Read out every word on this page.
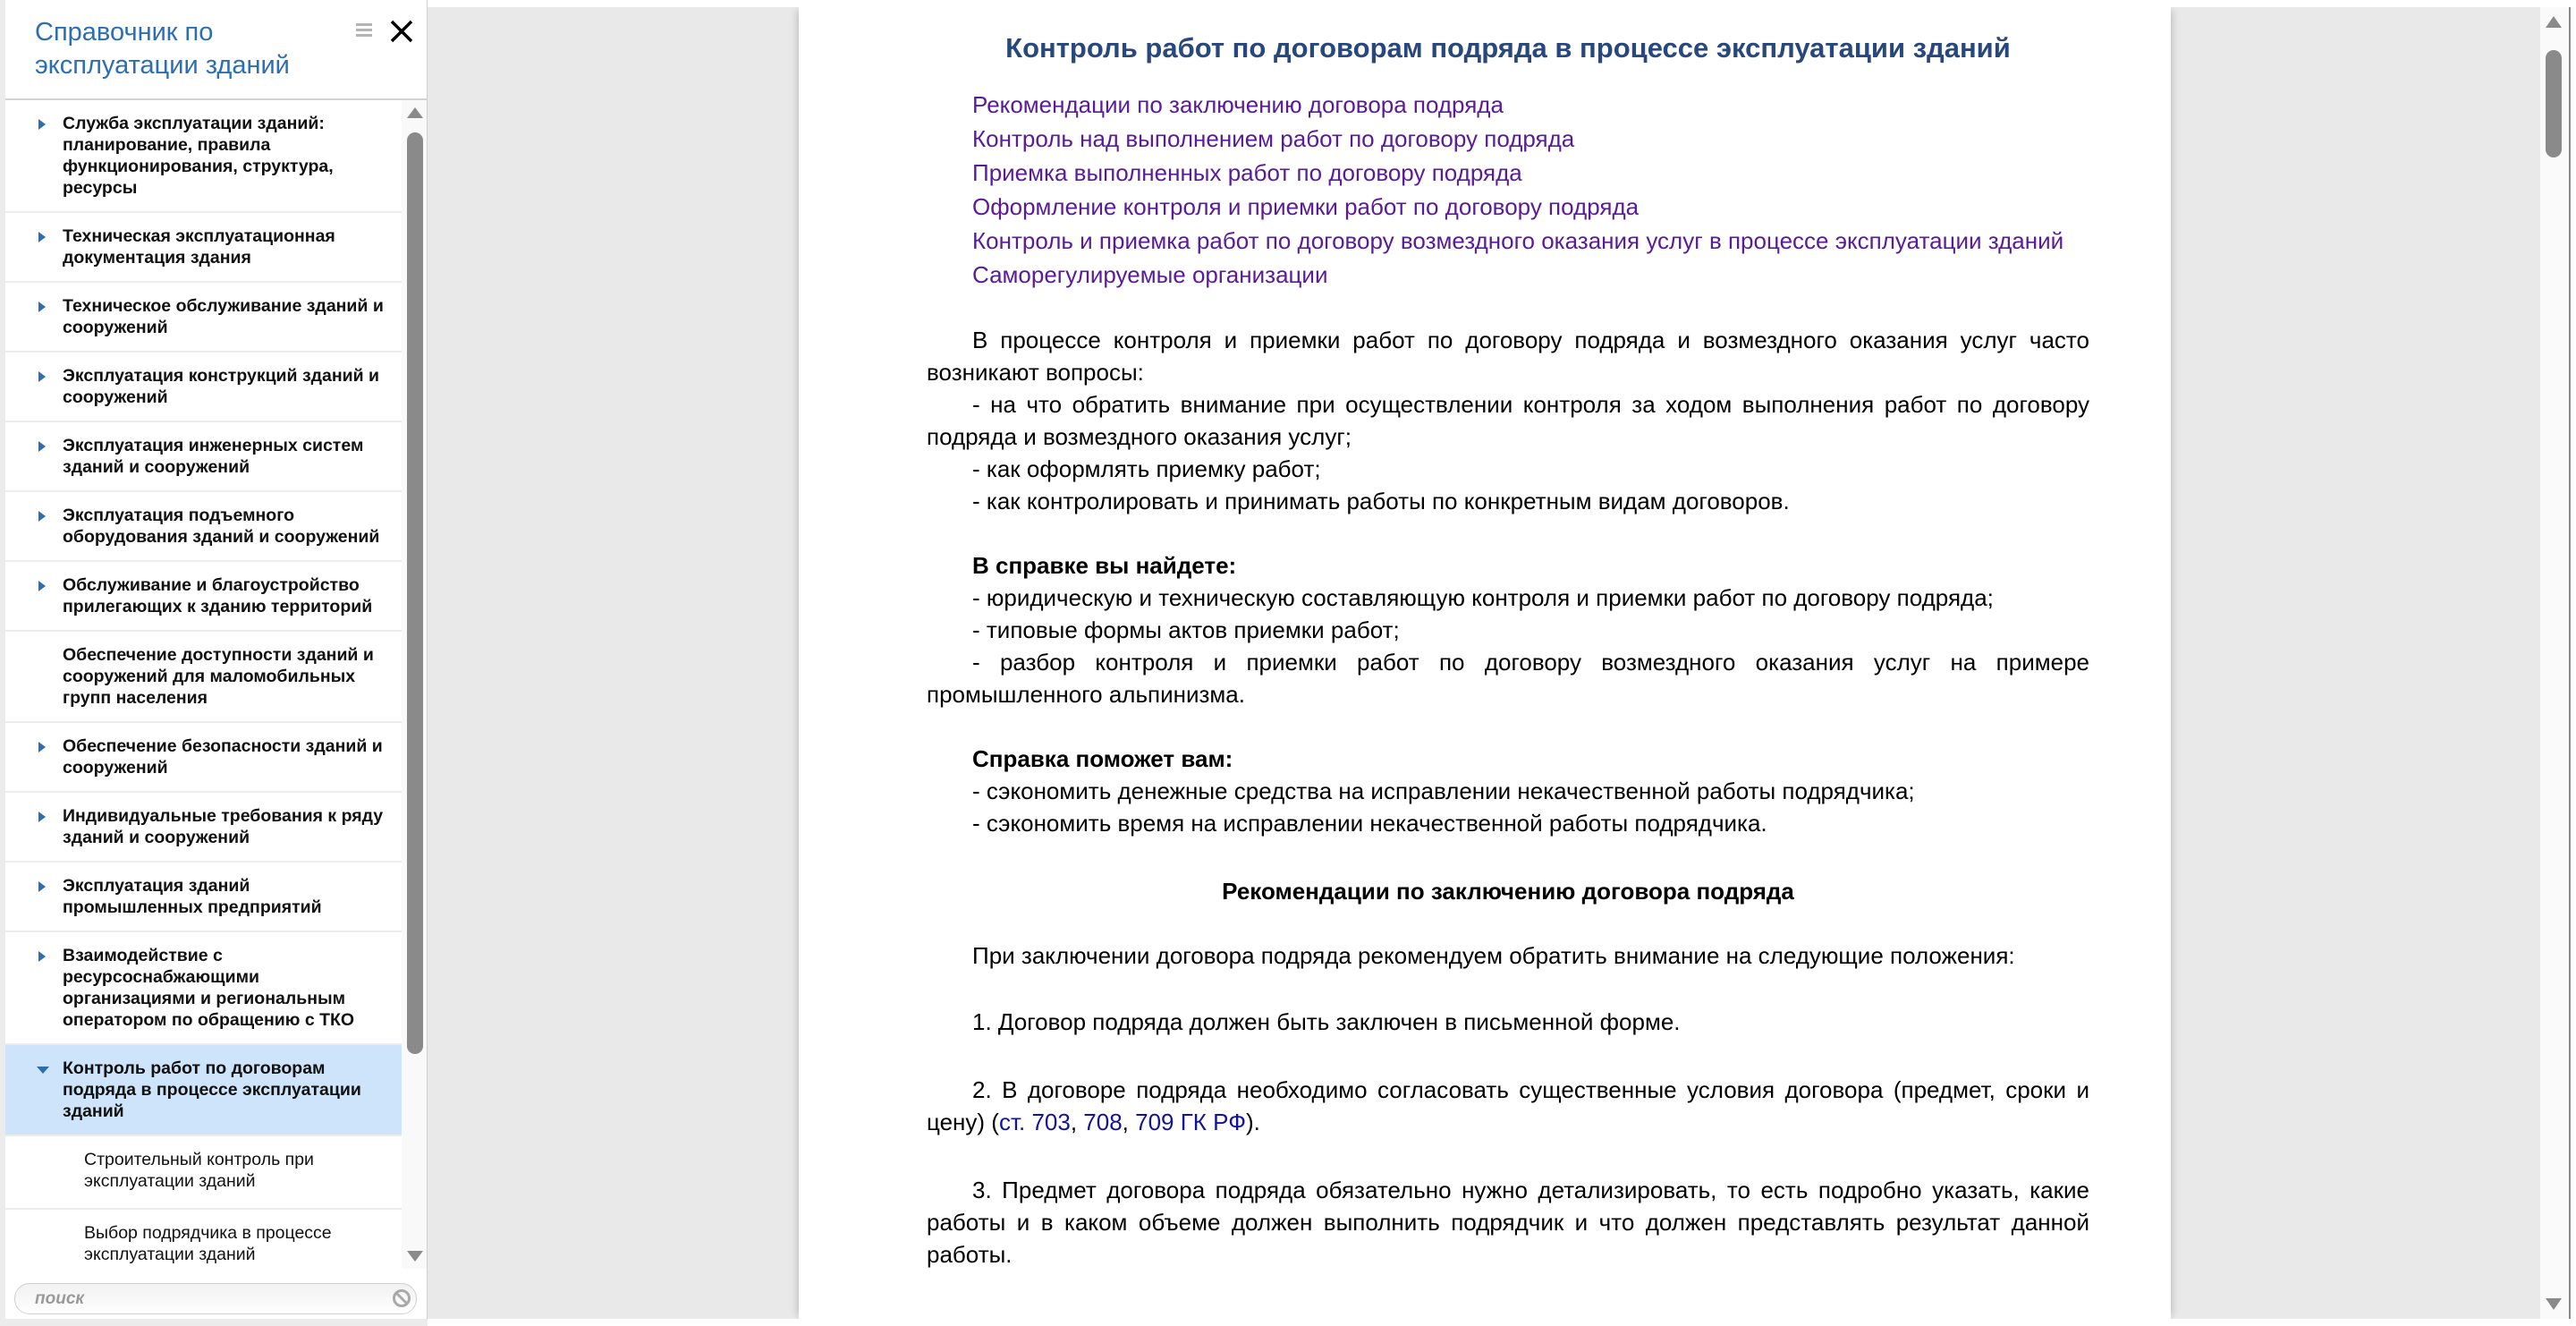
Справочник по эксплуатации зданий
Служба эксплуатации зданий: планирование, правила функционирования, структура, ресурсы
Техническая эксплуатационная документация здания
Техническое обслуживание зданий и сооружений
Эксплуатация конструкций зданий и сооружений
Эксплуатация инженерных систем зданий и сооружений
Эксплуатация подъемного оборудования зданий и сооружений
Обслуживание и благоустройство прилегающих к зданию территорий
Обеспечение доступности зданий и сооружений для маломобильных групп населения
Обеспечение безопасности зданий и сооружений
Индивидуальные требования к ряду зданий и сооружений
Эксплуатация зданий промышленных предприятий
Взаимодействие с ресурсоснабжающими организациями и региональным оператором по обращению с ТКО
Контроль работ по договорам подряда в процессе эксплуатации зданий
Строительный контроль при эксплуатации зданий
Выбор подрядчика в процессе эксплуатации зданий
поиск
Контроль работ по договорам подряда в процессе эксплуатации зданий
Рекомендации по заключению договора подряда
Контроль над выполнением работ по договору подряда
Приемка выполненных работ по договору подряда
Оформление контроля и приемки работ по договору подряда
Контроль и приемка работ по договору возмездного оказания услуг в процессе эксплуатации зданий
Саморегулируемые организации

В процессе контроля и приемки работ по договору подряда и возмездного оказания услуг часто возникают вопросы:

- на что обратить внимание при осуществлении контроля за ходом выполнения работ по договору подряда и возмездного оказания услуг;

- как оформлять приемку работ;

- как контролировать и принимать работы по конкретным видам договоров.

В справке вы найдете:

- юридическую и техническую составляющую контроля и приемки работ по договору подряда;

- типовые формы актов приемки работ;

- разбор контроля и приемки работ по договору возмездного оказания услуг на примере промышленного альпинизма.

Справка поможет вам:

- сэкономить денежные средства на исправлении некачественной работы подрядчика;

- сэкономить время на исправлении некачественной работы подрядчика.

Рекомендации по заключению договора подряда

При заключении договора подряда рекомендуем обратить внимание на следующие положения:

1. Договор подряда должен быть заключен в письменной форме.

2. В договоре подряда необходимо согласовать существенные условия договора (предмет, сроки и цену) (ст. 703, 708, 709 ГК РФ).

3. Предмет договора подряда обязательно нужно детализировать, то есть подробно указать, какие работы и в каком объеме должен выполнить подрядчик и что должен представлять результат данной работы.
